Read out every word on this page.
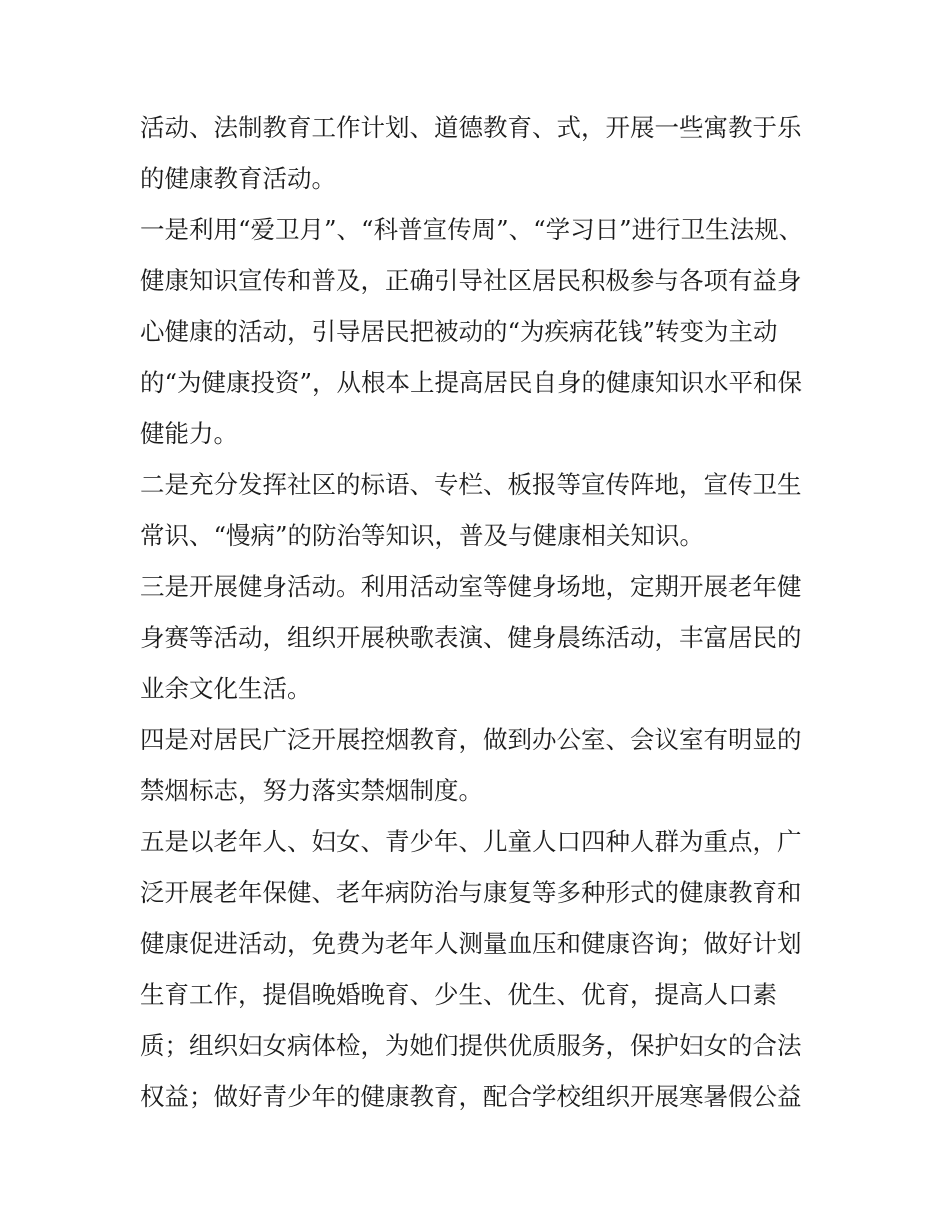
活动、法制教育工作计划、道德教育、式，开展一些寓教于乐
的健康教育活动。
一是利用“爱卫月”、“科普宣传周”、“学习日”进行卫生法规、
健康知识宣传和普及，正确引导社区居民积极参与各项有益身
心健康的活动，引导居民把被动的“为疾病花钱”转变为主动
的“为健康投资”，从根本上提高居民自身的健康知识水平和保
健能力。
二是充分发挥社区的标语、专栏、板报等宣传阵地，宣传卫生
常识、“慢病”的防治等知识，普及与健康相关知识。
三是开展健身活动。利用活动室等健身场地，定期开展老年健
身赛等活动，组织开展秧歌表演、健身晨练活动，丰富居民的
业余文化生活。
四是对居民广泛开展控烟教育，做到办公室、会议室有明显的
禁烟标志，努力落实禁烟制度。
五是以老年人、妇女、青少年、儿童人口四种人群为重点，广
泛开展老年保健、老年病防治与康复等多种形式的健康教育和
健康促进活动，免费为老年人测量血压和健康咨询；做好计划
生育工作，提倡晚婚晚育、少生、优生、优育，提高人口素
质；组织妇女病体检，为她们提供优质服务，保护妇女的合法
权益；做好青少年的健康教育，配合学校组织开展寒暑假公益
